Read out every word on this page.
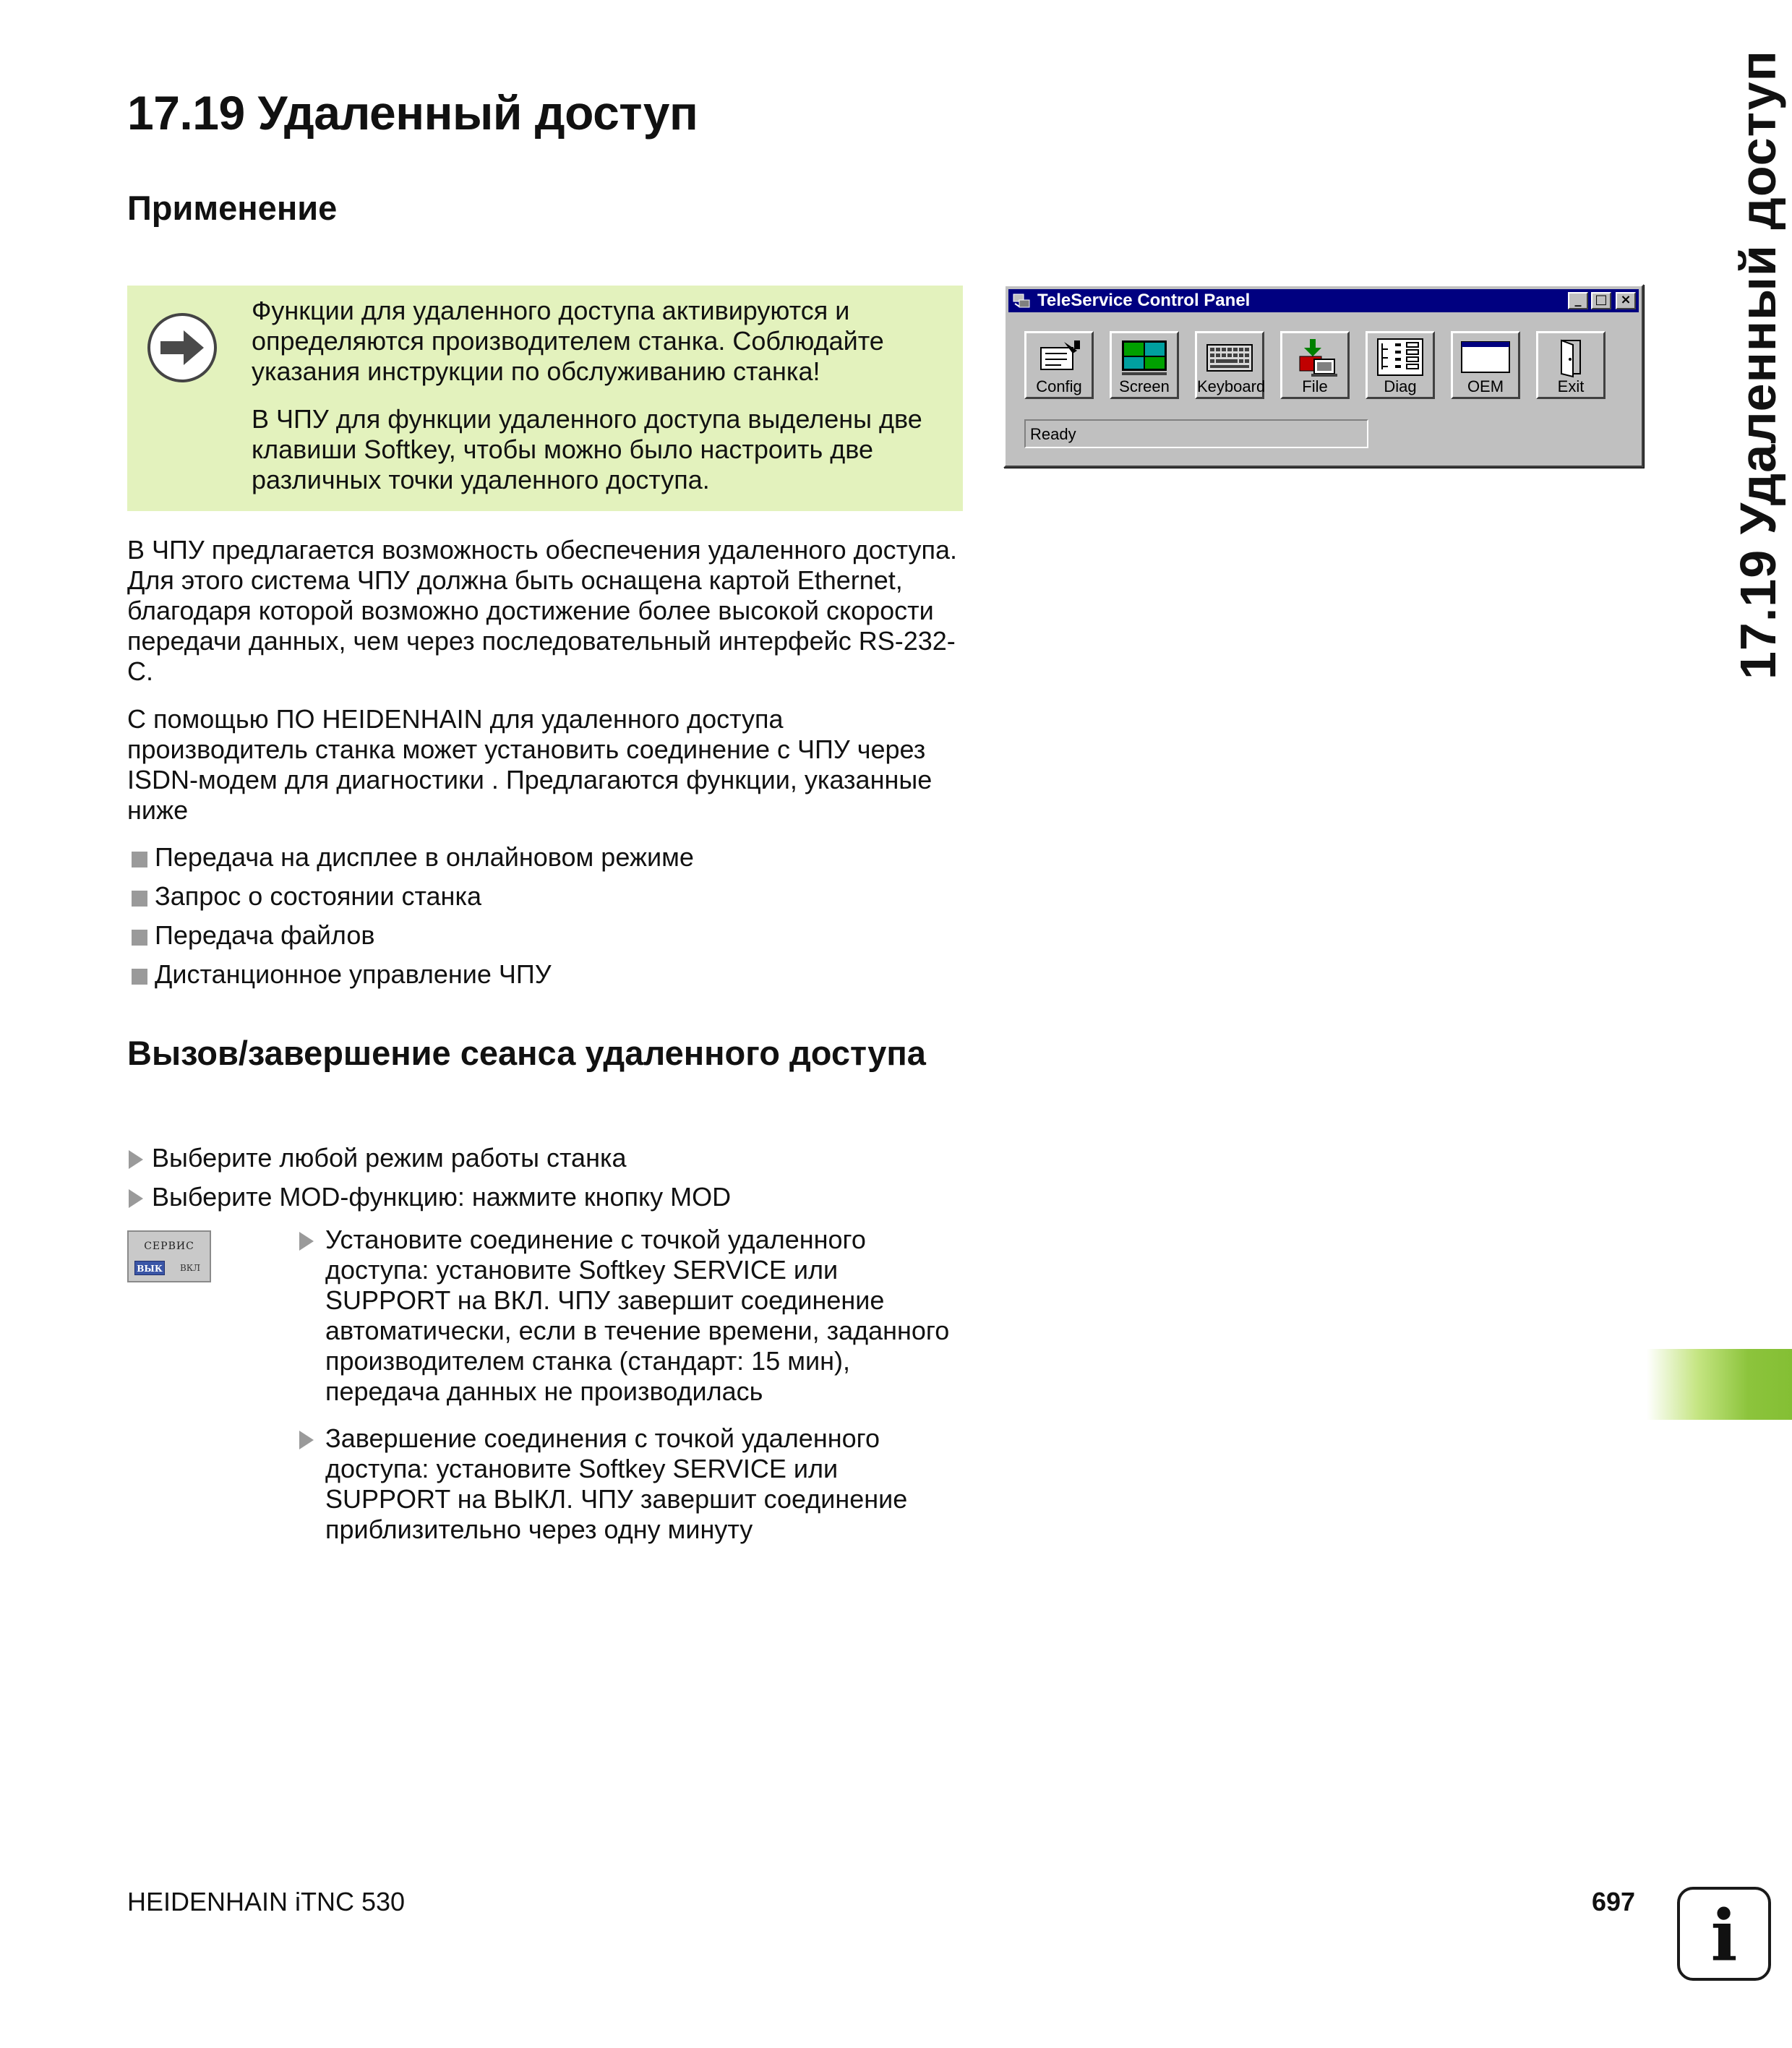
17.19 Удаленный доступ
Применение
Функции для удаленного доступа активируются и определяются производителем станка. Соблюдайте указания инструкции по обслуживанию станка!
В ЧПУ для функции удаленного доступа выделены две клавиши Softkey, чтобы можно было настроить две различных точки удаленного доступа.
В ЧПУ предлагается возможность обеспечения удаленного доступа. Для этого система ЧПУ должна быть оснащена картой Ethernet, благодаря которой возможно достижение более высокой скорости передачи данных, чем через последовательный интерфейс RS-232-C.
С помощью ПО HEIDENHAIN для удаленного доступа производитель станка может установить соединение с ЧПУ через ISDN-модем для диагностики . Предлагаются функции, указанные ниже
Передача на дисплее в онлайновом режиме
Запрос о состоянии станка
Передача файлов
Дистанционное управление ЧПУ
Вызов/завершение сеанса удаленного доступа
Выберите любой режим работы станка
Выберите MOD-функцию: нажмите кнопку MOD
СЕРВИС
ВЫК	ВКЛ
Установите соединение с точкой удаленного доступа: установите Softkey SERVICE или SUPPORT на ВКЛ. ЧПУ завершит соединение автоматически, если в течение времени, заданного производителем станка (стандарт: 15 мин), передача данных не производилась
Завершение соединения с точкой удаленного доступа: установите Softkey SERVICE или SUPPORT на ВЫКЛ. ЧПУ завершит соединение приблизительно через одну минуту
TeleService Control Panel	_	□ ×
Config	Screen	Keyboard	File	Diag	OEM	Exit
Ready	17.19 Удаленный доступ
HEIDENHAIN iTNC 530	697 i
